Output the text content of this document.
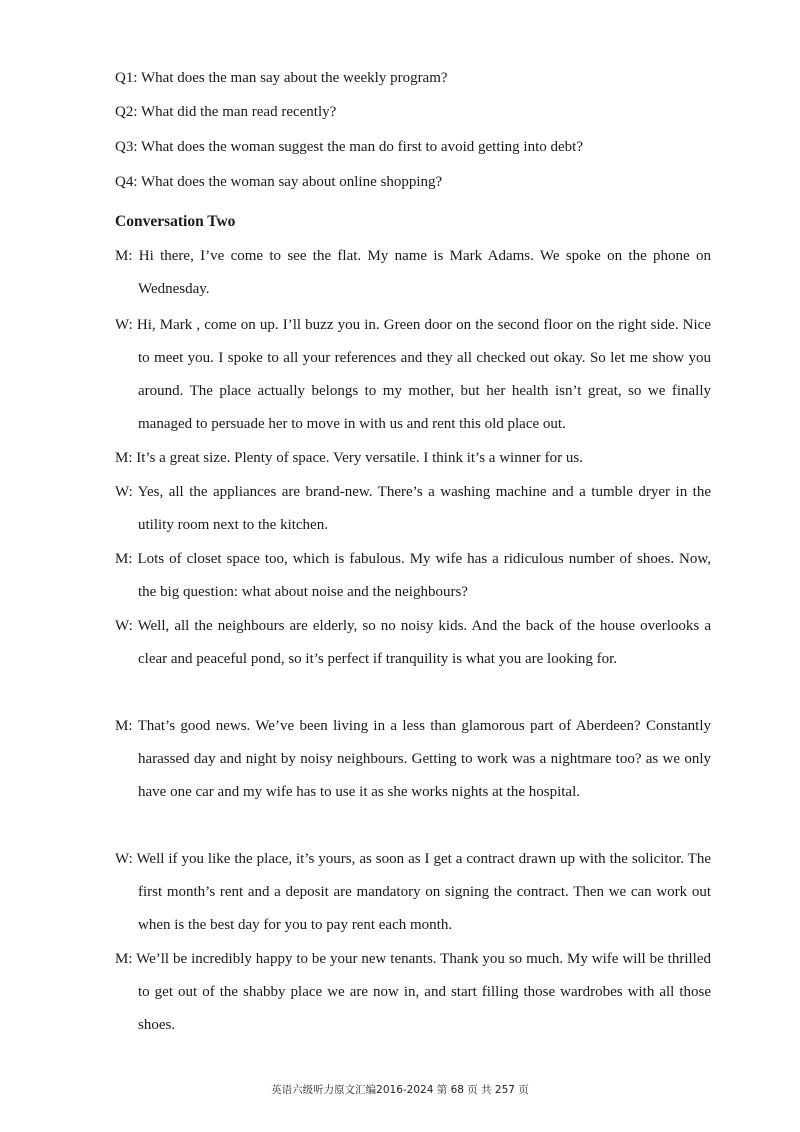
Q1: What does the man say about the weekly program?
Q2: What did the man read recently?
Q3: What does the woman suggest the man do first to avoid getting into debt?
Q4: What does the woman say about online shopping?
Conversation Two
M: Hi there, I’ve come to see the flat. My name is Mark Adams. We spoke on the phone on Wednesday.
W: Hi, Mark , come on up. I’ll buzz you in. Green door on the second floor on the right side. Nice to meet you. I spoke to all your references and they all checked out okay. So let me show you around. The place actually belongs to my mother, but her health isn’t great, so we finally managed to persuade her to move in with us and rent this old place out.
M: It’s a great size. Plenty of space. Very versatile. I think it’s a winner for us.
W: Yes, all the appliances are brand-new. There’s a washing machine and a tumble dryer in the utility room next to the kitchen.
M: Lots of closet space too, which is fabulous. My wife has a ridiculous number of shoes. Now, the big question: what about noise and the neighbours?
W: Well, all the neighbours are elderly, so no noisy kids. And the back of the house overlooks a clear and peaceful pond, so it’s perfect if tranquility is what you are looking for.
M: That’s good news. We’ve been living in a less than glamorous part of Aberdeen? Constantly harassed day and night by noisy neighbours. Getting to work was a nightmare too? as we only have one car and my wife has to use it as she works nights at the hospital.
W: Well if you like the place, it’s yours, as soon as I get a contract drawn up with the solicitor. The first month’s rent and a deposit are mandatory on signing the contract. Then we can work out when is the best day for you to pay rent each month.
M: We’ll be incredibly happy to be your new tenants. Thank you so much. My wife will be thrilled to get out of the shabby place we are now in, and start filling those wardrobes with all those shoes.
英语六级听力原文汇编2016-2024 第 68 页 共 257 页
